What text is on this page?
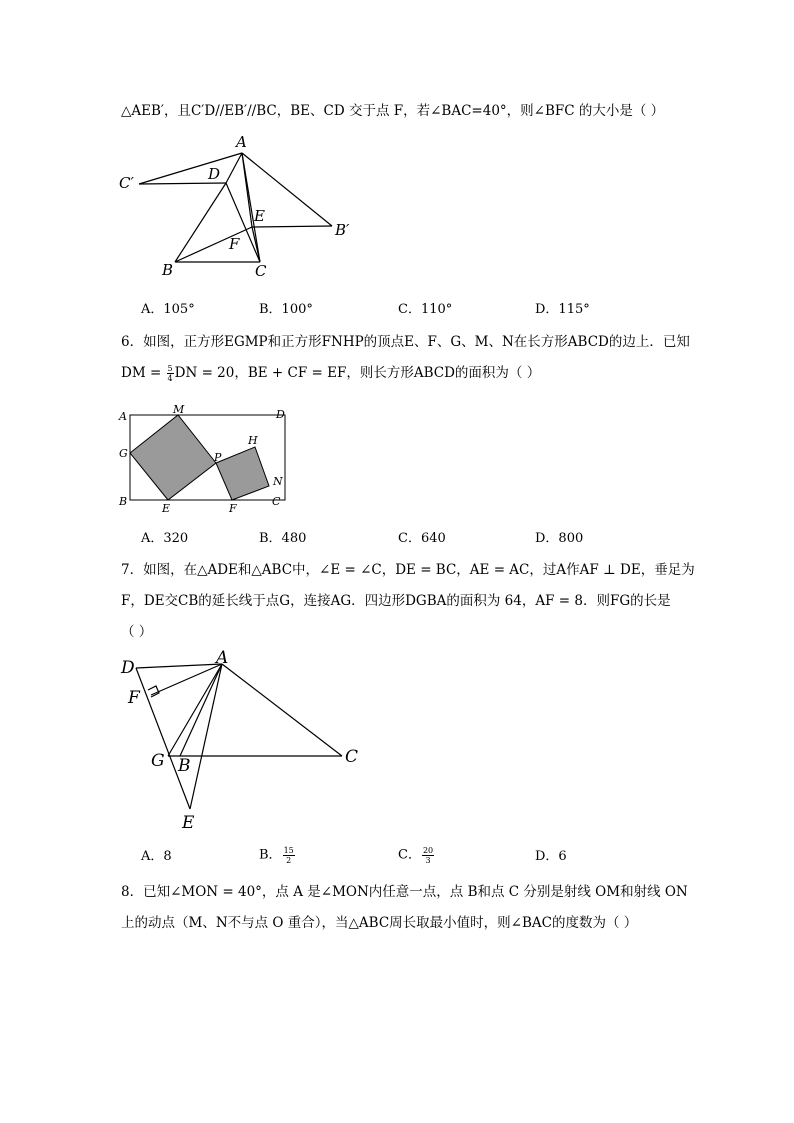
△AEB′，且C′D//EB′//BC，BE、CD 交于点 F，若∠BAC=40°，则∠BFC 的大小是（ ）
A
C′	D
E
B′
F
B	C
A．105°	B．100°	C．110°	D．115°
6．如图，正方形EGMP和正方形FNHP的顶点E、F、G、M、N在长方形ABCD的边上．已知
DM = $\frac{5}{4}$ DN = 20，BE + CF = EF，则长方形ABCD的面积为（ ）
A
M	D
G
H
P
N
B
E	F
C
A．320	B．480	C．640	D．800
7．如图，在△ADE和△ABC中，∠E = ∠C，DE = BC，AE = AC，过A作AF ⊥ DE，垂足为
F，DE交CB的延长线于点G，连接AG．四边形DGBA的面积为 64，AF = 8．则FG的长是
（ ）
D	A
F
G B	C
E
A．8	B． $\frac{15}{2}$	C． $\frac{20}{3}$	D．6
8．已知∠MON = 40°，点 A 是∠MON内任意一点，点 B和点 C 分别是射线 OM和射线 ON
上的动点（M、N不与点 O 重合），当△ABC周长取最小值时，则∠BAC的度数为（ ）
